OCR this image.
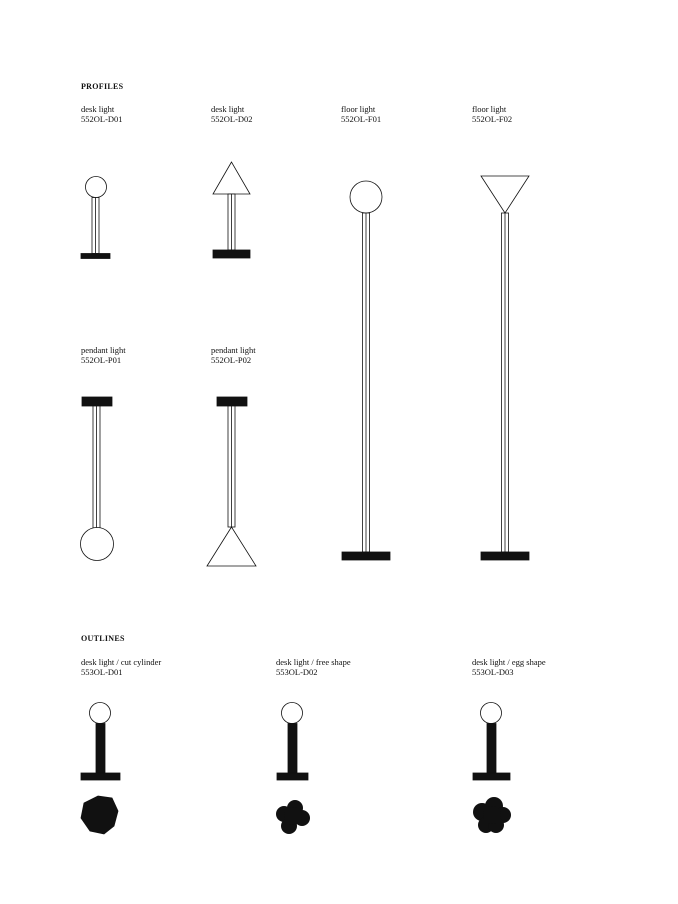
PROFILES
OUTLINES
desk light
552OL-D01
desk light
552OL-D02
floor light
552OL-F01
floor light
552OL-F02
pendant light
552OL-P01
pendant light
552OL-P02
desk light / cut cylinder
553OL-D01
desk light / free shape
553OL-D02
desk light / egg shape
553OL-D03
